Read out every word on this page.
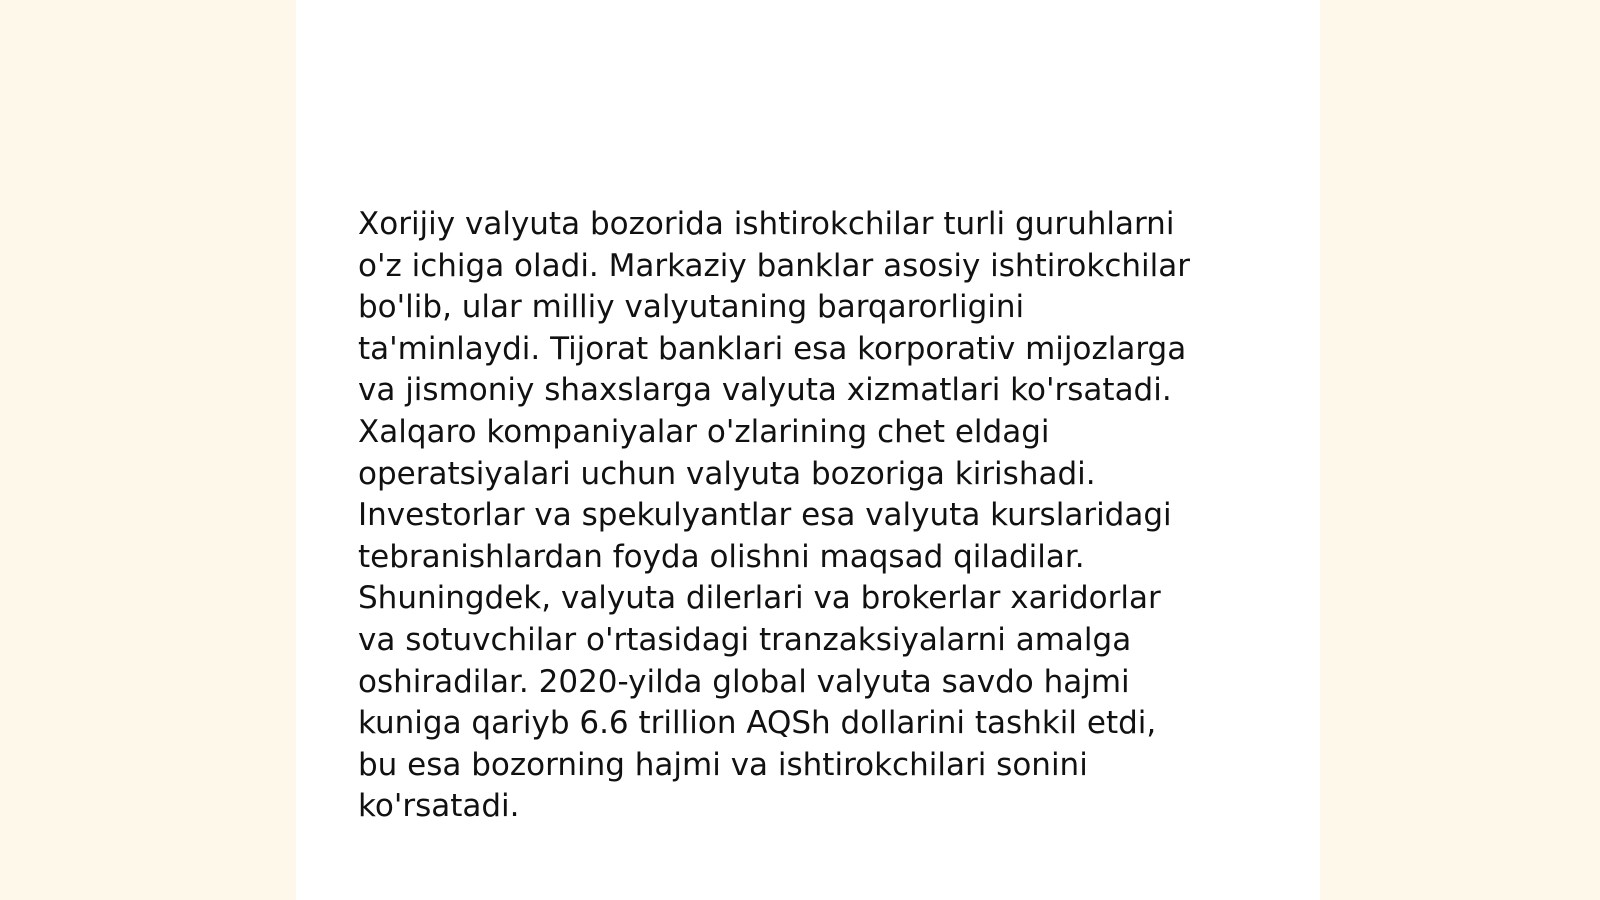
Xorijiy valyuta bozorida ishtirokchilar turli guruhlarni
o'z ichiga oladi. Markaziy banklar asosiy ishtirokchilar
bo'lib, ular milliy valyutaning barqarorligini
ta'minlaydi. Tijorat banklari esa korporativ mijozlarga
va jismoniy shaxslarga valyuta xizmatlari ko'rsatadi.
Xalqaro kompaniyalar o'zlarining chet eldagi
operatsiyalari uchun valyuta bozoriga kirishadi.
Investorlar va spekulyantlar esa valyuta kurslaridagi
tebranishlardan foyda olishni maqsad qiladilar.
Shuningdek, valyuta dilerlari va brokerlar xaridorlar
va sotuvchilar o'rtasidagi tranzaksiyalarni amalga
oshiradilar. 2020-yilda global valyuta savdo hajmi
kuniga qariyb 6.6 trillion AQSh dollarini tashkil etdi,
bu esa bozorning hajmi va ishtirokchilari sonini
ko'rsatadi.
